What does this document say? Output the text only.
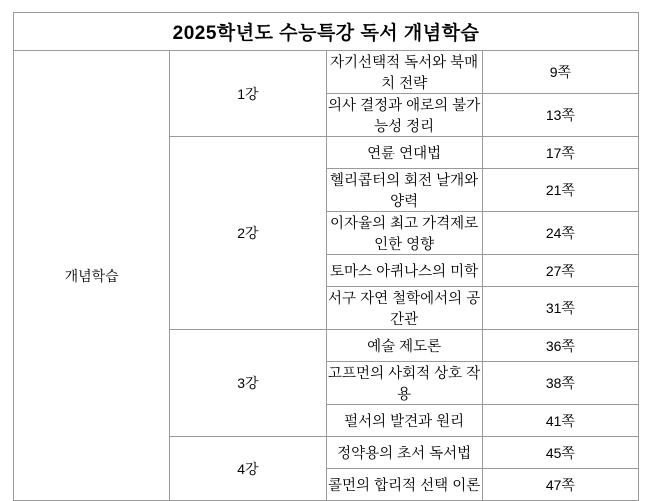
2025학년도 수능특강 독서 개념학습			
개념학습	1강	자기선택적 독서와 북매치 전략	9쪽
		의사 결정과 애로의 불가능성 정리	13쪽
	2강	연륜 연대법	17쪽
		헬리콥터의 회전 날개와 양력	21쪽
		이자율의 최고 가격제로 인한 영향	24쪽
		토마스 아퀴나스의 미학	27쪽
		서구 자연 철학에서의 공간관	31쪽
	3강	예술 제도론	36쪽
		고프먼의 사회적 상호 작용	38쪽
		펄서의 발견과 원리	41쪽
	4강	정약용의 초서 독서법	45쪽
		콜먼의 합리적 선택 이론	47쪽
